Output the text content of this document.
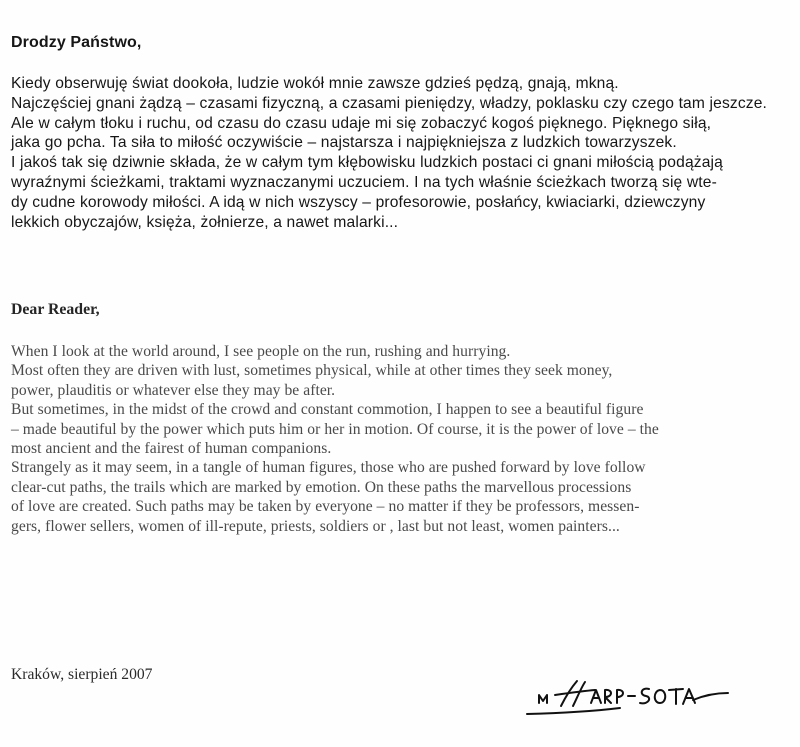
Drodzy Państwo,
Kiedy obserwuję świat dookoła, ludzie wokół mnie zawsze gdzieś pędzą, gnają, mkną.
Najczęściej gnani żądzą – czasami fizyczną, a czasami pieniędzy, władzy, poklasku czy czego tam jeszcze.
Ale w całym tłoku i ruchu, od czasu do czasu udaje mi się zobaczyć kogoś pięknego. Pięknego siłą,
jaka go pcha. Ta siła to miłość oczywiście – najstarsza i najpiękniejsza z ludzkich towarzyszek.
I jakoś tak się dziwnie składa, że w całym tym kłębowisku ludzkich postaci ci gnani miłością podążają
wyraźnymi ścieżkami, traktami wyznaczanymi uczuciem. I na tych właśnie ścieżkach tworzą się wte-
dy cudne korowody miłości. A idą w nich wszyscy – profesorowie, posłańcy, kwiaciarki, dziewczyny
lekkich obyczajów, księża, żołnierze, a nawet malarki...
Dear Reader,
When I look at the world around, I see people on the run, rushing and hurrying.
Most often they are driven with lust, sometimes physical, while at other times they seek money,
power, plauditis or whatever else they may be after.
But sometimes, in the midst of the crowd and constant commotion, I happen to see a beautiful figure
– made beautiful by the power which puts him or her in motion. Of course, it is the power of love – the
most ancient and the fairest of human companions.
Strangely as it may seem, in a tangle of human figures, those who are pushed forward by love follow
clear-cut paths, the trails which are marked by emotion. On these paths the marvellous processions
of love are created. Such paths may be taken by everyone – no matter if they be professors, messen-
gers, flower sellers, women of ill-repute, priests, soldiers or , last but not least, women painters...
Kraków, sierpień 2007
